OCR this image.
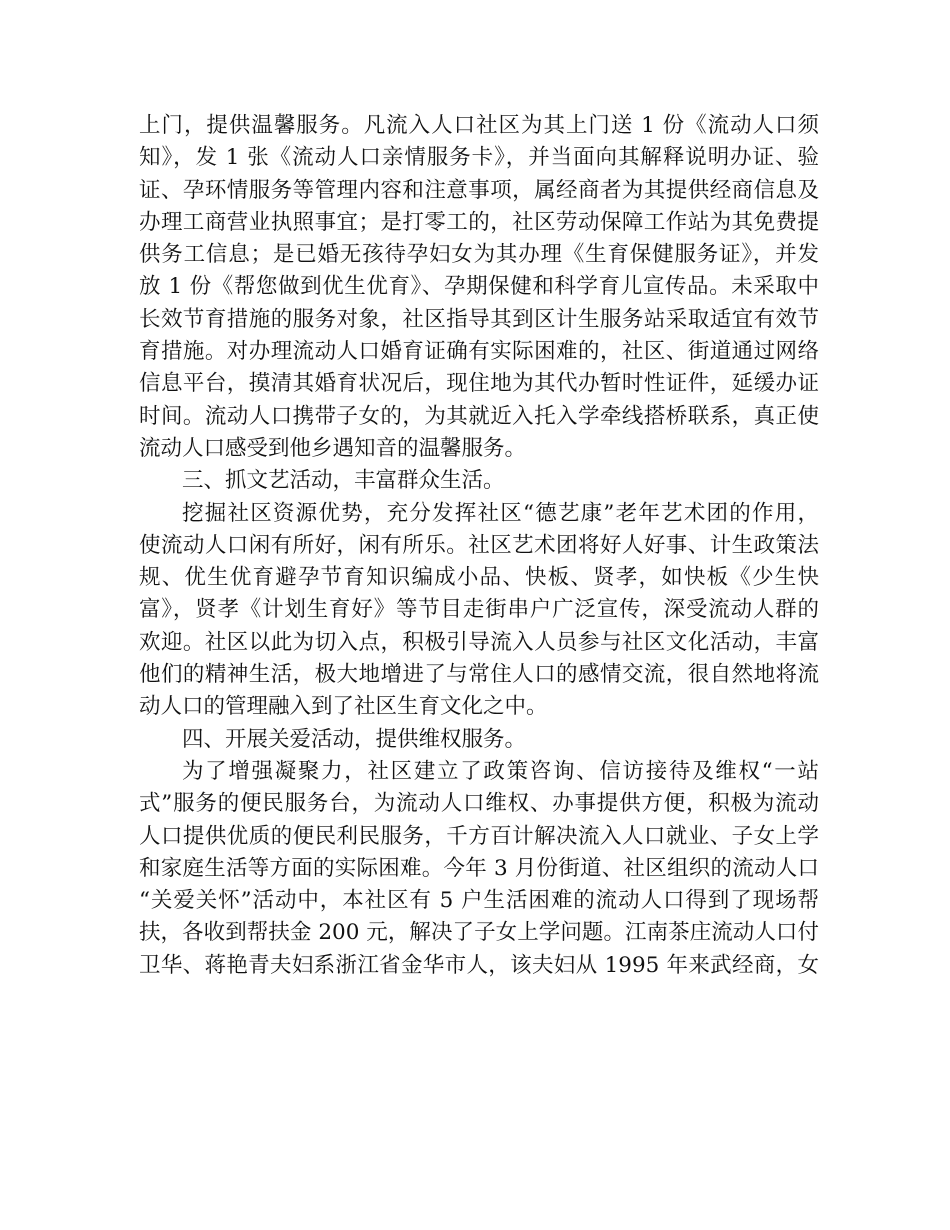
上门，提供温馨服务。凡流入人口社区为其上门送 1 份《流动人口须
知》，发 1 张《流动人口亲情服务卡》，并当面向其解释说明办证、验
证、孕环情服务等管理内容和注意事项，属经商者为其提供经商信息及
办理工商营业执照事宜；是打零工的，社区劳动保障工作站为其免费提
供务工信息；是已婚无孩待孕妇女为其办理《生育保健服务证》，并发
放 1 份《帮您做到优生优育》、孕期保健和科学育儿宣传品。未采取中
长效节育措施的服务对象，社区指导其到区计生服务站采取适宜有效节
育措施。对办理流动人口婚育证确有实际困难的，社区、街道通过网络
信息平台，摸清其婚育状况后，现住地为其代办暂时性证件，延缓办证
时间。流动人口携带子女的，为其就近入托入学牵线搭桥联系，真正使
流动人口感受到他乡遇知音的温馨服务。
三、抓文艺活动，丰富群众生活。
挖掘社区资源优势，充分发挥社区“德艺康”老年艺术团的作用，
使流动人口闲有所好，闲有所乐。社区艺术团将好人好事、计生政策法
规、优生优育避孕节育知识编成小品、快板、贤孝，如快板《少生快
富》，贤孝《计划生育好》等节目走街串户广泛宣传，深受流动人群的
欢迎。社区以此为切入点，积极引导流入人员参与社区文化活动，丰富
他们的精神生活，极大地增进了与常住人口的感情交流，很自然地将流
动人口的管理融入到了社区生育文化之中。
四、开展关爱活动，提供维权服务。
为了增强凝聚力，社区建立了政策咨询、信访接待及维权“一站
式”服务的便民服务台，为流动人口维权、办事提供方便，积极为流动
人口提供优质的便民利民服务，千方百计解决流入人口就业、子女上学
和家庭生活等方面的实际困难。今年 3 月份街道、社区组织的流动人口
“关爱关怀”活动中，本社区有 5 户生活困难的流动人口得到了现场帮
扶，各收到帮扶金 200 元，解决了子女上学问题。江南茶庄流动人口付
卫华、蒋艳青夫妇系浙江省金华市人，该夫妇从 1995 年来武经商，女
